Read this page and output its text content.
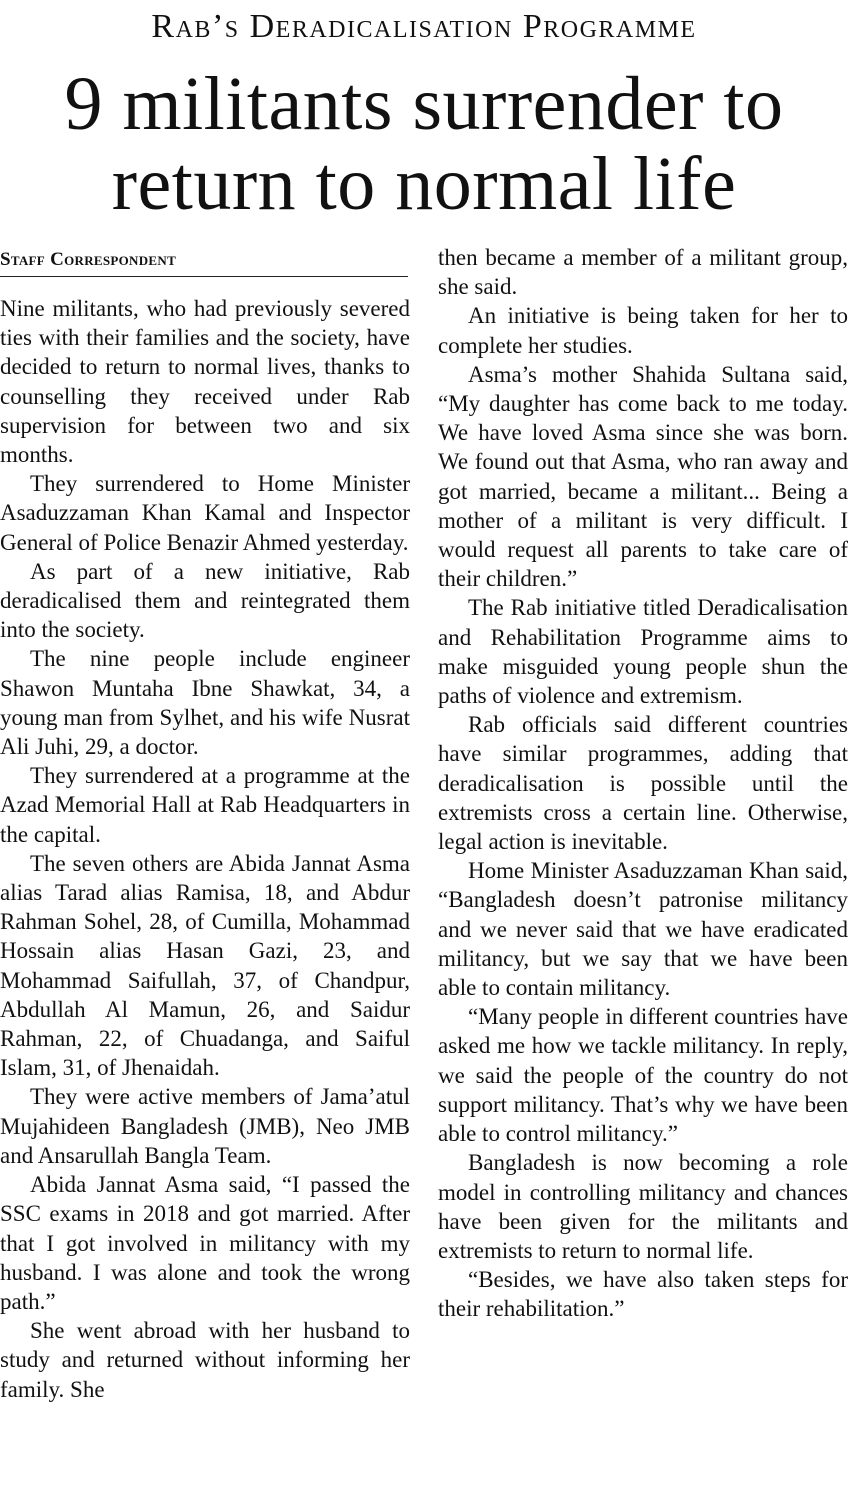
Rab’s Deradicalisation Programme
9 militants surrender to return to normal life
Staff Correspondent

Nine militants, who had previously severed ties with their families and the society, have decided to return to normal lives, thanks to counselling they received under Rab supervision for between two and six months.

They surrendered to Home Minister Asaduzzaman Khan Kamal and Inspector General of Police Benazir Ahmed yesterday.

As part of a new initiative, Rab deradicalised them and reintegrated them into the society.

The nine people include engineer Shawon Muntaha Ibne Shawkat, 34, a young man from Sylhet, and his wife Nusrat Ali Juhi, 29, a doctor.

They surrendered at a programme at the Azad Memorial Hall at Rab Headquarters in the capital.

The seven others are Abida Jannat Asma alias Tarad alias Ramisa, 18, and Abdur Rahman Sohel, 28, of Cumilla, Mohammad Hossain alias Hasan Gazi, 23, and Mohammad Saifullah, 37, of Chandpur, Abdullah Al Mamun, 26, and Saidur Rahman, 22, of Chuadanga, and Saiful Islam, 31, of Jhenaidah.

They were active members of Jama’atul Mujahideen Bangladesh (JMB), Neo JMB and Ansarullah Bangla Team.

Abida Jannat Asma said, “I passed the SSC exams in 2018 and got married. After that I got involved in militancy with my husband. I was alone and took the wrong path.”

She went abroad with her husband to study and returned without informing her family. She

then became a member of a militant group, she said.

An initiative is being taken for her to complete her studies.

Asma’s mother Shahida Sultana said, “My daughter has come back to me today. We have loved Asma since she was born. We found out that Asma, who ran away and got married, became a militant... Being a mother of a militant is very difficult. I would request all parents to take care of their children.”

The Rab initiative titled Deradicalisation and Rehabilitation Programme aims to make misguided young people shun the paths of violence and extremism.

Rab officials said different countries have similar programmes, adding that deradicalisation is possible until the extremists cross a certain line. Otherwise, legal action is inevitable.

Home Minister Asaduzzaman Khan said, “Bangladesh doesn’t patronise militancy and we never said that we have eradicated militancy, but we say that we have been able to contain militancy.

“Many people in different countries have asked me how we tackle militancy. In reply, we said the people of the country do not support militancy. That’s why we have been able to control militancy.”

Bangladesh is now becoming a role model in controlling militancy and chances have been given for the militants and extremists to return to normal life.

“Besides, we have also taken steps for their rehabilitation.”
